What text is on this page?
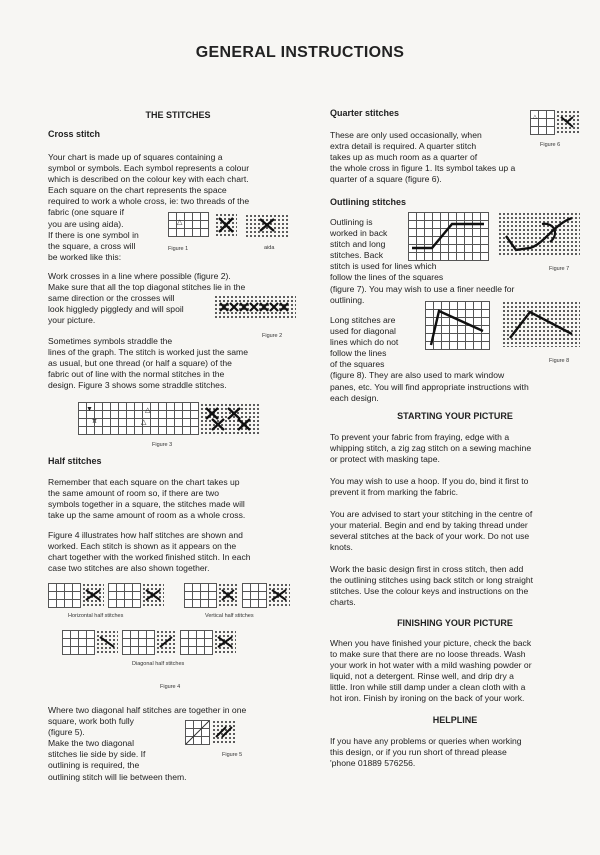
GENERAL INSTRUCTIONS
THE STITCHES
Cross stitch

Your chart is made up of squares containing a

symbol or symbols. Each symbol represents a colour

which is described on the colour key with each chart.

Each square on the chart represents the space

required to work a whole cross, ie: two threads of the

fabric (one square if

you are using aida).

If there is one symbol in

the square, a cross will

be worked like this:

△
Figure 1	aida

Work crosses in a line where possible (figure 2).

Make sure that all the top diagonal stitches lie in the

same direction or the crosses will

look higgledy piggledy and will spoil

your picture.

Figure 2

Sometimes symbols straddle the

lines of the graph. The stitch is worked just the same

as usual, but one thread (or half a square) of the

fabric out of line with the normal stitches in the

design. Figure 3 shows some straddle stitches.

▼
π
△
△
Figure 3
Half stitches

Remember that each square on the chart takes up

the same amount of room so, if there are two

symbols together in a square, the stitches made will

take up the same amount of room as a whole cross.

Figure 4 illustrates how half stitches are shown and

worked. Each stitch is shown as it appears on the

chart together with the worked finished stitch. In each

case two stitches are also shown together.

Horizontal half stitches	Vertical half stitches
Diagonal half stitches
Figure 4

Where two diagonal half stitches are together in one

square, work both fully

(figure 5).

Make the two diagonal

stitches lie side by side. If

outlining is required, the

outlining stitch will lie between them.

Figure 5
Quarter stitches

These are only used occasionally, when

extra detail is required. A quarter stitch

takes up as much room as a quarter of

the whole cross in figure 1. Its symbol takes up a

quarter of a square (figure 6).

△
Figure 6
Outlining stitches

Outlining is

worked in back

stitch and long

stitches. Back

stitch is used for lines which

follow the lines of the squares

(figure 7). You may wish to use a finer needle for

outlining.

Figure 7

Long stitches are

used for diagonal

lines which do not

follow the lines

of the squares

(figure 8). They are also used to mark window

panes, etc. You will find appropriate instructions with

each design.

Figure 8
STARTING YOUR PICTURE

To prevent your fabric from fraying, edge with a

whipping stitch, a zig zag stitch on a sewing machine

or protect with masking tape.

You may wish to use a hoop. If you do, bind it first to

prevent it from marking the fabric.

You are advised to start your stitching in the centre of

your material. Begin and end by taking thread under

several stitches at the back of your work. Do not use

knots.

Work the basic design first in cross stitch, then add

the outlining stitches using back stitch or long straight

stitches. Use the colour keys and instructions on the

charts.

FINISHING YOUR PICTURE

When you have finished your picture, check the back

to make sure that there are no loose threads. Wash

your work in hot water with a mild washing powder or

liquid, not a detergent. Rinse well, and drip dry a

little. Iron while still damp under a clean cloth with a

hot iron. Finish by ironing on the back of your work.

HELPLINE

If you have any problems or queries when working

this design, or if you run short of thread please

'phone 01889 576256.
